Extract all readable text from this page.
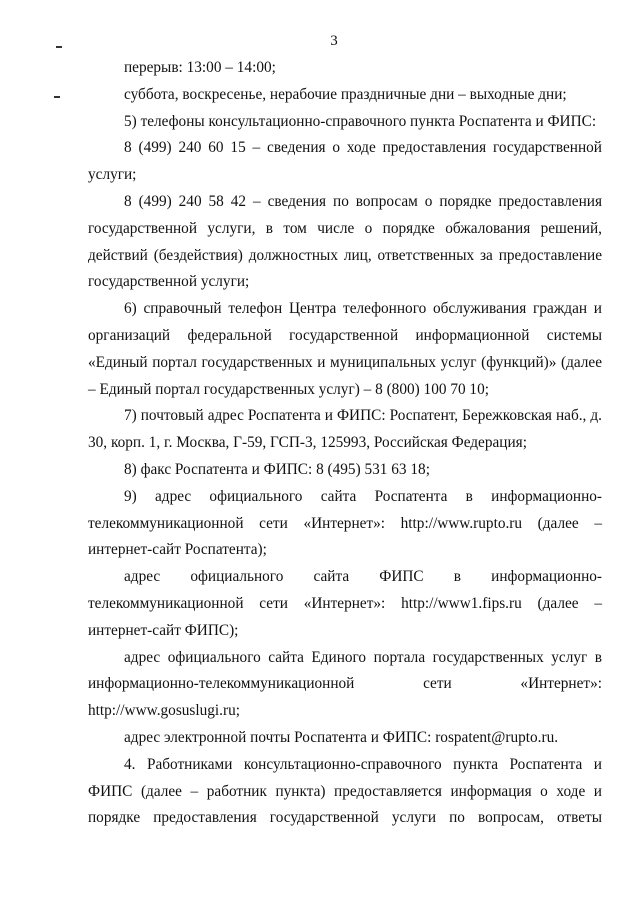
3

перерыв: 13:00 – 14:00;

суббота, воскресенье, нерабочие праздничные дни – выходные дни;

5) телефоны консультационно-справочного пункта Роспатента и ФИПС:

8 (499) 240 60 15 – сведения о ходе предоставления государственной услуги;

8 (499) 240 58 42 – сведения по вопросам о порядке предоставления государственной услуги, в том числе о порядке обжалования решений, действий (бездействия) должностных лиц, ответственных за предоставление государственной услуги;

6) справочный телефон Центра телефонного обслуживания граждан и организаций федеральной государственной информационной системы «Единый портал государственных и муниципальных услуг (функций)» (далее – Единый портал государственных услуг) – 8 (800) 100 70 10;

7) почтовый адрес Роспатента и ФИПС: Роспатент, Бережковская наб., д. 30, корп. 1, г. Москва, Г-59, ГСП-3, 125993, Российская Федерация;

8) факс Роспатента и ФИПС: 8 (495) 531 63 18;

9) адрес официального сайта Роспатента в информационно-телекоммуникационной сети «Интернет»: http://www.rupto.ru (далее – интернет-сайт Роспатента);

адрес официального сайта ФИПС в информационно-телекоммуникационной сети «Интернет»: http://www1.fips.ru (далее – интернет-сайт ФИПС);

адрес официального сайта Единого портала государственных услуг в информационно-телекоммуникационной сети «Интернет»: http://www.gosuslugi.ru;

адрес электронной почты Роспатента и ФИПС: rospatent@rupto.ru.

4. Работниками консультационно-справочного пункта Роспатента и ФИПС (далее – работник пункта) предоставляется информация о ходе и порядке предоставления государственной услуги по вопросам, ответы
